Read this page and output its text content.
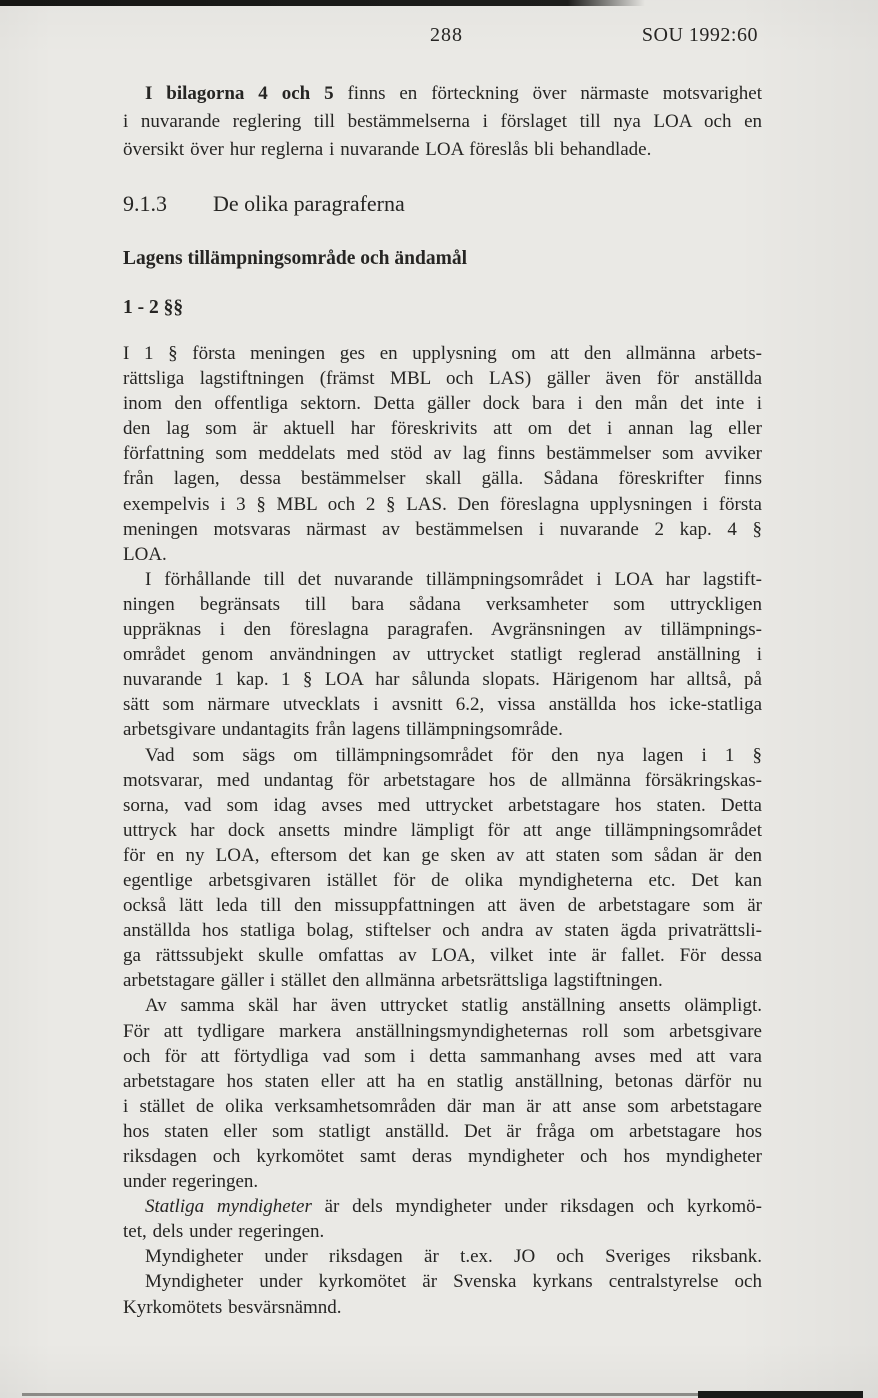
288	SOU 1992:60
I bilagorna 4 och 5 finns en förteckning över närmaste motsvarighet
i nuvarande reglering till bestämmelserna i förslaget till nya LOA och en
översikt över hur reglerna i nuvarande LOA föreslås bli behandlade.
9.1.3 De olika paragraferna
Lagens tillämpningsområde och ändamål
1 - 2 §§
I 1 § första meningen ges en upplysning om att den allmänna arbets-
rättsliga lagstiftningen (främst MBL och LAS) gäller även för anställda
inom den offentliga sektorn. Detta gäller dock bara i den mån det inte i
den lag som är aktuell har föreskrivits att om det i annan lag eller
författning som meddelats med stöd av lag finns bestämmelser som avviker
från lagen, dessa bestämmelser skall gälla. Sådana föreskrifter finns
exempelvis i 3 § MBL och 2 § LAS. Den föreslagna upplysningen i första
meningen motsvaras närmast av bestämmelsen i nuvarande 2 kap. 4 §
LOA.
I förhållande till det nuvarande tillämpningsområdet i LOA har lagstift-
ningen begränsats till bara sådana verksamheter som uttryckligen
uppräknas i den föreslagna paragrafen. Avgränsningen av tillämpnings-
området genom användningen av uttrycket statligt reglerad anställning i
nuvarande 1 kap. 1 § LOA har sålunda slopats. Härigenom har alltså, på
sätt som närmare utvecklats i avsnitt 6.2, vissa anställda hos icke-statliga
arbetsgivare undantagits från lagens tillämpningsområde.
Vad som sägs om tillämpningsområdet för den nya lagen i 1 §
motsvarar, med undantag för arbetstagare hos de allmänna försäkringskas-
sorna, vad som idag avses med uttrycket arbetstagare hos staten. Detta
uttryck har dock ansetts mindre lämpligt för att ange tillämpningsområdet
för en ny LOA, eftersom det kan ge sken av att staten som sådan är den
egentlige arbetsgivaren istället för de olika myndigheterna etc. Det kan
också lätt leda till den missuppfattningen att även de arbetstagare som är
anställda hos statliga bolag, stiftelser och andra av staten ägda privaträttsli-
ga rättssubjekt skulle omfattas av LOA, vilket inte är fallet. För dessa
arbetstagare gäller i stället den allmänna arbetsrättsliga lagstiftningen.
Av samma skäl har även uttrycket statlig anställning ansetts olämpligt.
För att tydligare markera anställningsmyndigheternas roll som arbetsgivare
och för att förtydliga vad som i detta sammanhang avses med att vara
arbetstagare hos staten eller att ha en statlig anställning, betonas därför nu
i stället de olika verksamhetsområden där man är att anse som arbetstagare
hos staten eller som statligt anställd. Det är fråga om arbetstagare hos
riksdagen och kyrkomötet samt deras myndigheter och hos myndigheter
under regeringen.
Statliga myndigheter är dels myndigheter under riksdagen och kyrkomö-
tet, dels under regeringen.
Myndigheter under riksdagen är t.ex. JO och Sveriges riksbank.
Myndigheter under kyrkomötet är Svenska kyrkans centralstyrelse och
Kyrkomötets besvärsnämnd.
